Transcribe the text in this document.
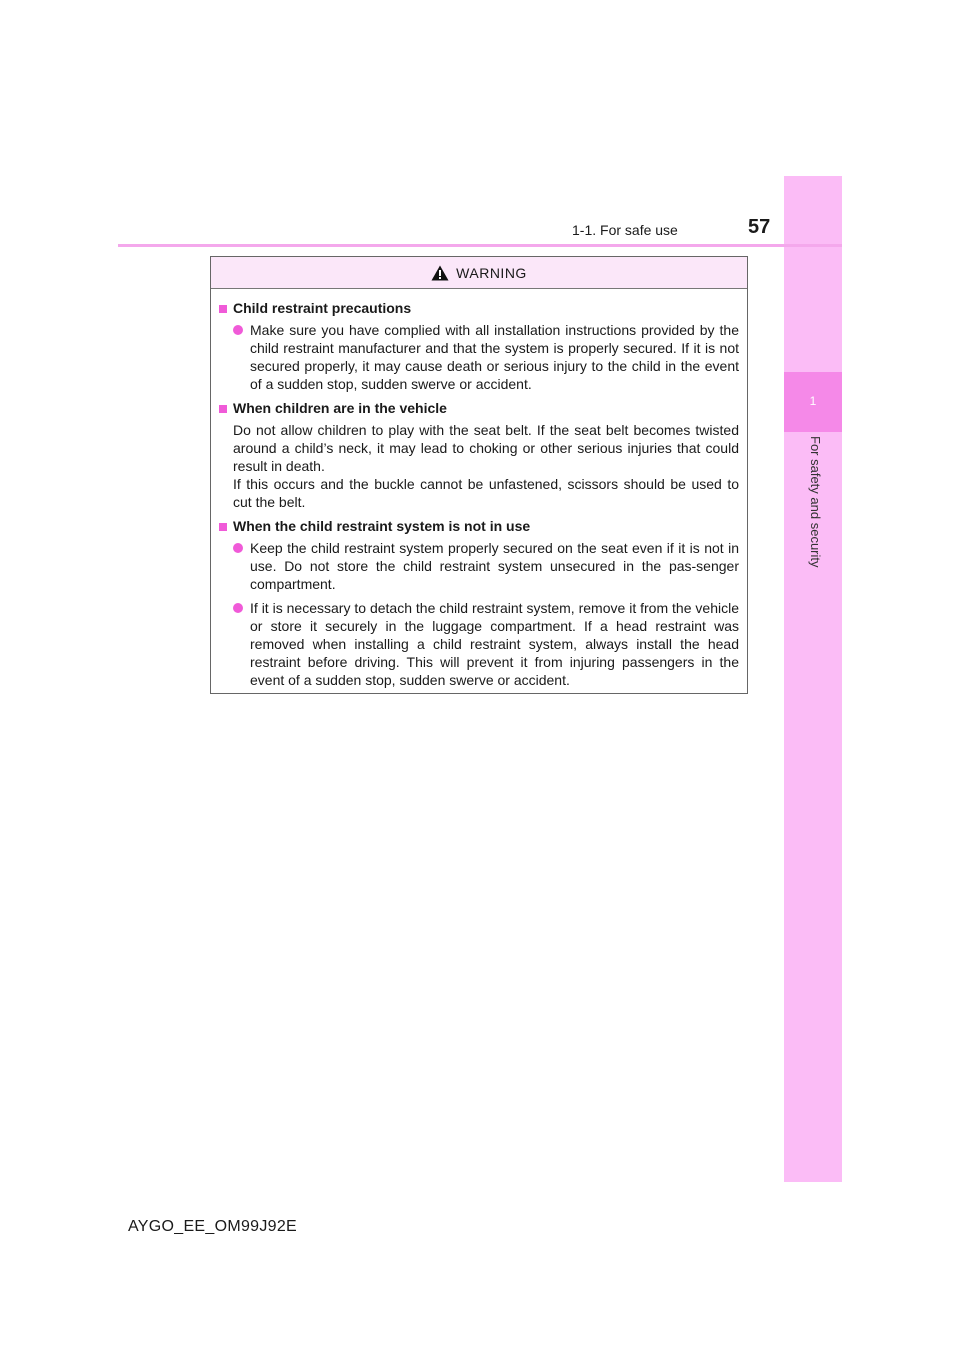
1
For safety and security
1-1. For safe use	57
WARNING
Child restraint precautions

Make sure you have complied with all installation instructions provided by the child restraint manufacturer and that the system is properly secured. If it is not secured properly, it may cause death or serious injury to the child in the event of a sudden stop, sudden swerve or accident.

When children are in the vehicle

Do not allow children to play with the seat belt. If the seat belt becomes twisted around a child’s neck, it may lead to choking or other serious injuries that could result in death.

If this occurs and the buckle cannot be unfastened, scissors should be used to cut the belt.

When the child restraint system is not in use

Keep the child restraint system properly secured on the seat even if it is not in use. Do not store the child restraint system unsecured in the pas-senger compartment.

If it is necessary to detach the child restraint system, remove it from the vehicle or store it securely in the luggage compartment. If a head restraint was removed when installing a child restraint system, always install the head restraint before driving. This will prevent it from injuring passengers in the event of a sudden stop, sudden swerve or accident.

AYGO_EE_OM99J92E
